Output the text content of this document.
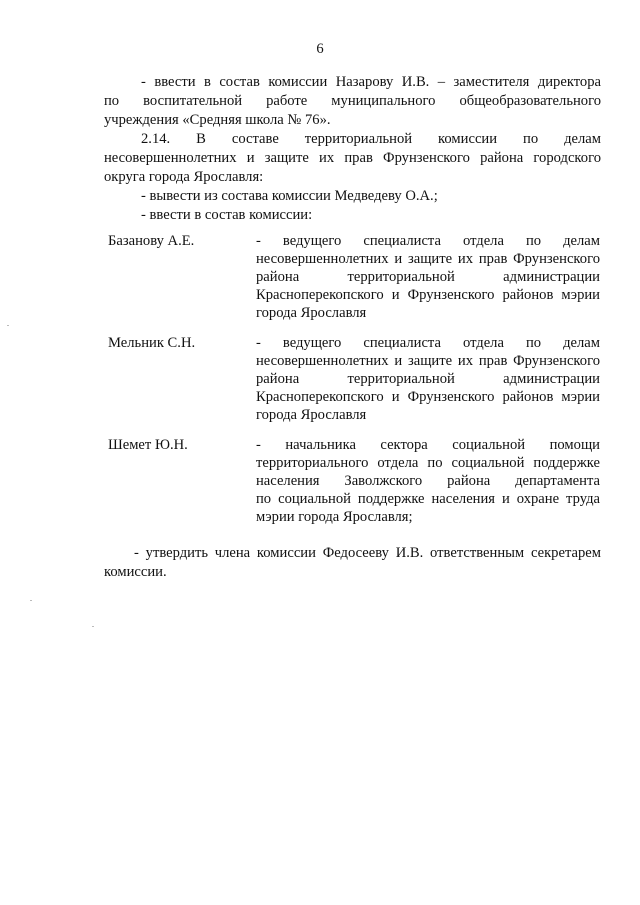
6
- ввести в состав комиссии Назарову И.В. – заместителя директора
по воспитательной работе муниципального общеобразовательного
учреждения «Средняя школа № 76».
2.14. В составе территориальной комиссии по делам
несовершеннолетних и защите их прав Фрунзенского района городского
округа города Ярославля:
- вывести из состава комиссии Медведеву О.А.;
- ввести в состав комиссии:
Базанову А.Е.	- ведущего специалиста отдела по делам
несовершеннолетних и защите их прав Фрунзенского
района территориальной администрации
Красноперекопского и Фрунзенского районов мэрии
города Ярославля
Мельник С.Н.	- ведущего специалиста отдела по делам
несовершеннолетних и защите их прав Фрунзенского
района территориальной администрации
Красноперекопского и Фрунзенского районов мэрии
города Ярославля
Шемет Ю.Н.	- начальника сектора социальной помощи
территориального отдела по социальной поддержке
населения Заволжского района департамента
по социальной поддержке населения и охране труда
мэрии города Ярославля;
- утвердить члена комиссии Федосееву И.В. ответственным секретарем
комиссии.
